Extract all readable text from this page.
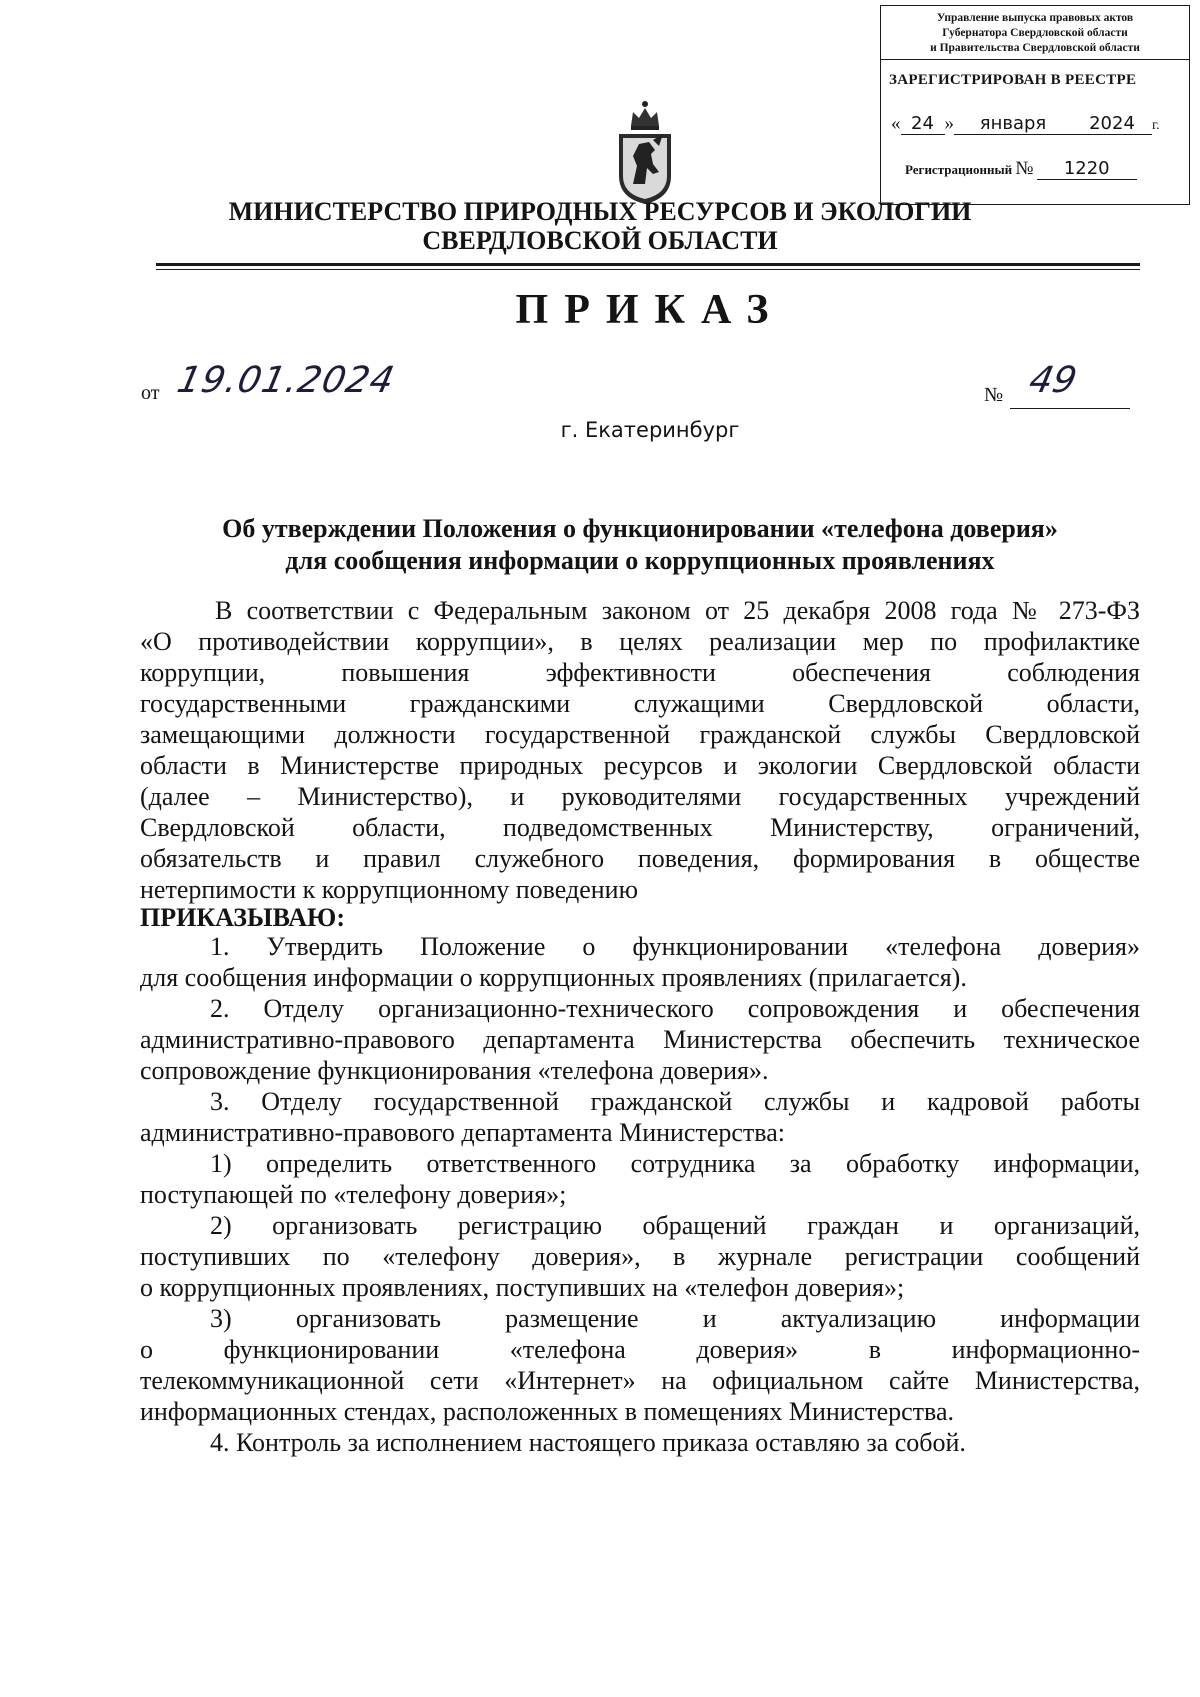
Управление выпуска правовых актов
Губернатора Свердловской области
и Правительства Свердловской области
ЗАРЕГИСТРИРОВАН В РЕЕСТРЕ
« 24 » января 2024 г.
Регистрационный № 1220
МИНИСТЕРСТВО ПРИРОДНЫХ РЕСУРСОВ И ЭКОЛОГИИ
СВЕРДЛОВСКОЙ ОБЛАСТИ
ПРИКАЗ
от 19.01.2024	№ 49
г. Екатеринбург
Об утверждении Положения о функционировании «телефона доверия»
для сообщения информации о коррупционных проявлениях
В соответствии с Федеральным законом от 25 декабря 2008 года № 273-ФЗ
«О противодействии коррупции», в целях реализации мер по профилактике
коррупции, повышения эффективности обеспечения соблюдения
государственными гражданскими служащими Свердловской области,
замещающими должности государственной гражданской службы Свердловской
области в Министерстве природных ресурсов и экологии Свердловской области
(далее – Министерство), и руководителями государственных учреждений
Свердловской области, подведомственных Министерству, ограничений,
обязательств и правил служебного поведения, формирования в обществе
нетерпимости к коррупционному поведению
ПРИКАЗЫВАЮ:
1. Утвердить Положение о функционировании «телефона доверия»
для сообщения информации о коррупционных проявлениях (прилагается).
2. Отделу организационно-технического сопровождения и обеспечения
административно-правового департамента Министерства обеспечить техническое
сопровождение функционирования «телефона доверия».
3. Отделу государственной гражданской службы и кадровой работы
административно-правового департамента Министерства:
1) определить ответственного сотрудника за обработку информации,
поступающей по «телефону доверия»;
2) организовать регистрацию обращений граждан и организаций,
поступивших по «телефону доверия», в журнале регистрации сообщений
о коррупционных проявлениях, поступивших на «телефон доверия»;
3) организовать размещение и актуализацию информации
о функционировании «телефона доверия» в информационно-
телекоммуникационной сети «Интернет» на официальном сайте Министерства,
информационных стендах, расположенных в помещениях Министерства.
4. Контроль за исполнением настоящего приказа оставляю за собой.
